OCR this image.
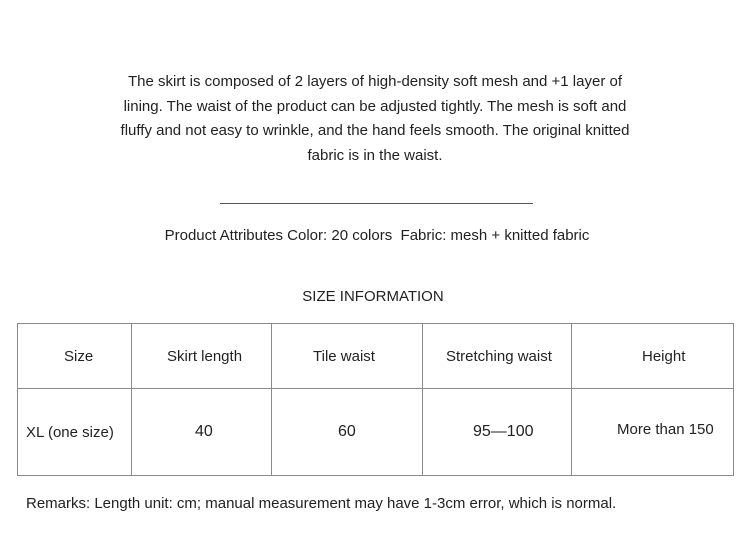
The skirt is composed of 2 layers of high-density soft mesh and +1 layer of
lining. The waist of the product can be adjusted tightly. The mesh is soft and
fluffy and not easy to wrinkle, and the hand feels smooth. The original knitted
fabric is in the waist.
Product Attributes Color: 20 colors  Fabric: mesh + knitted fabric
SIZE INFORMATION
Size	Skirt length	Tile waist	Stretching waist	Height
XL (one size)	40	60	95—100	More than 150
Remarks: Length unit: cm; manual measurement may have 1-3cm error, which is normal.
